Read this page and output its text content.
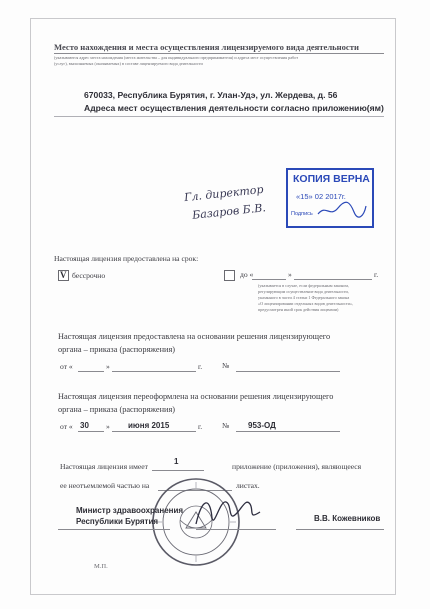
Место нахождения и места осуществления лицензируемого вида деятельности
(указываются адрес места нахождения (места жительства – для индивидуального предпринимателя) и адреса мест осуществления работ
(услуг), выполняемых (оказываемых) в составе лицензируемого вида деятельности
670033, Республика Бурятия, г. Улан-Удэ, ул. Жердева, д. 56
Адреса мест осуществления деятельности согласно приложению(ям)
Гл. директор
Базаров Б.В.
КОПИЯ ВЕРНА
«15» 02 2017г.
Подпись
Настоящая лицензия предоставлена на срок:
V бессрочно	до «	»	г.
(указывается в случае, если федеральным законом,
регулирующим осуществление вида деятельности,
указанного в части 4 статьи 1 Федерального закона
«О лицензировании отдельных видов деятельности»,
предусмотрен иной срок действия лицензии)
Настоящая лицензия предоставлена на основании решения лицензирующего
органа – приказа (распоряжения)
от «	»	г.	№
Настоящая лицензия переоформлена на основании решения лицензирующего
органа – приказа (распоряжения)
от « 30 » июня 2015	г.	№ 953-ОД
Настоящая лицензия имеет
1
приложение (приложения), являющееся
ее неотъемлемой частью на	листах.
Министр здравоохранения
Республики Бурятия	В.В. Кожевников
М.П.
